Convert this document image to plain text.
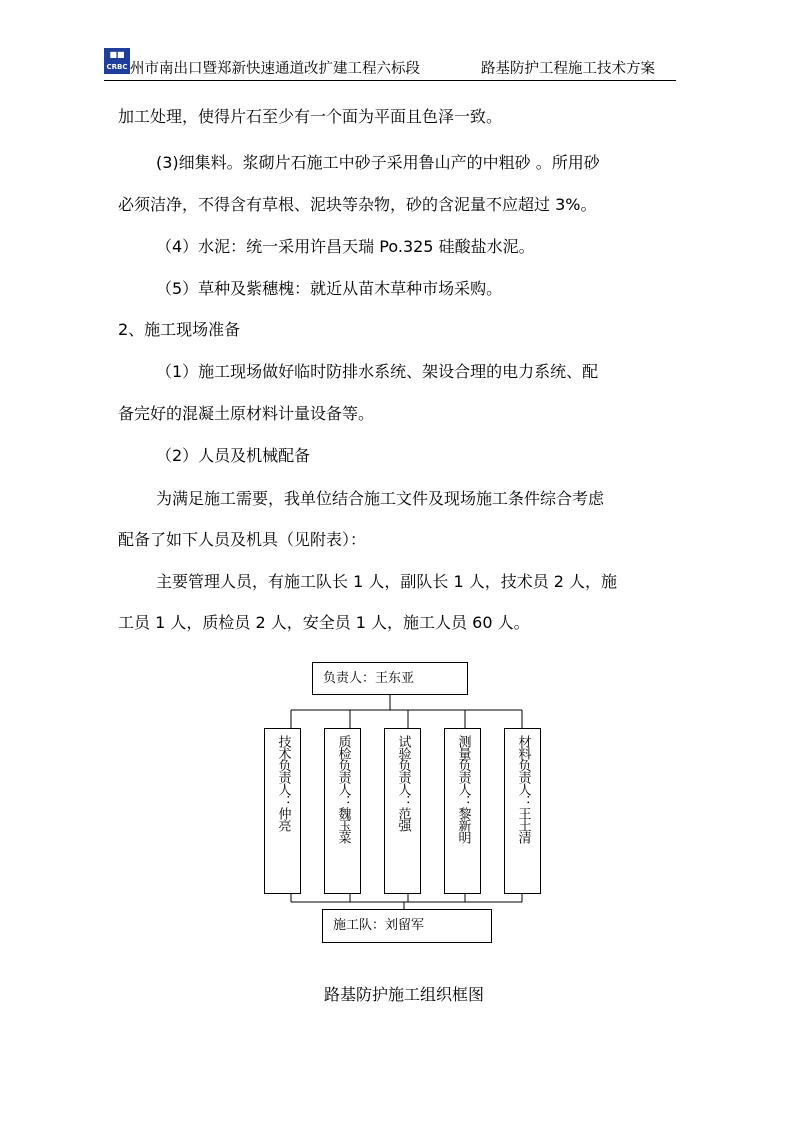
■■
CRBC 州市南出口暨郑新快速通道改扩建工程六标段	路基防护工程施工技术方案
加工处理，使得片石至少有一个面为平面且色泽一致。
(3)细集料。浆砌片石施工中砂子采用鲁山产的中粗砂 。所用砂
必须洁净，不得含有草根、泥块等杂物，砂的含泥量不应超过 3%。
（4）水泥：统一采用许昌天瑞 Po.325 硅酸盐水泥。
（5）草种及紫穗槐：就近从苗木草种市场采购。
2、施工现场准备
（1）施工现场做好临时防排水系统、架设合理的电力系统、配
备完好的混凝土原材料计量设备等。
（2）人员及机械配备
为满足施工需要，我单位结合施工文件及现场施工条件综合考虑
配备了如下人员及机具（见附表）：
主要管理人员，有施工队长 1 人，副队长 1 人，技术员 2 人，施
工员 1 人，质检员 2 人，安全员 1 人，施工人员 60 人。
负责人：王东亚
技术负责人：仲亮	质检负责人：魏玉菜	试验负责人：范强	测量负责人：黎新明	材料负责人：王土清
施工队：刘留军
路基防护施工组织框图
